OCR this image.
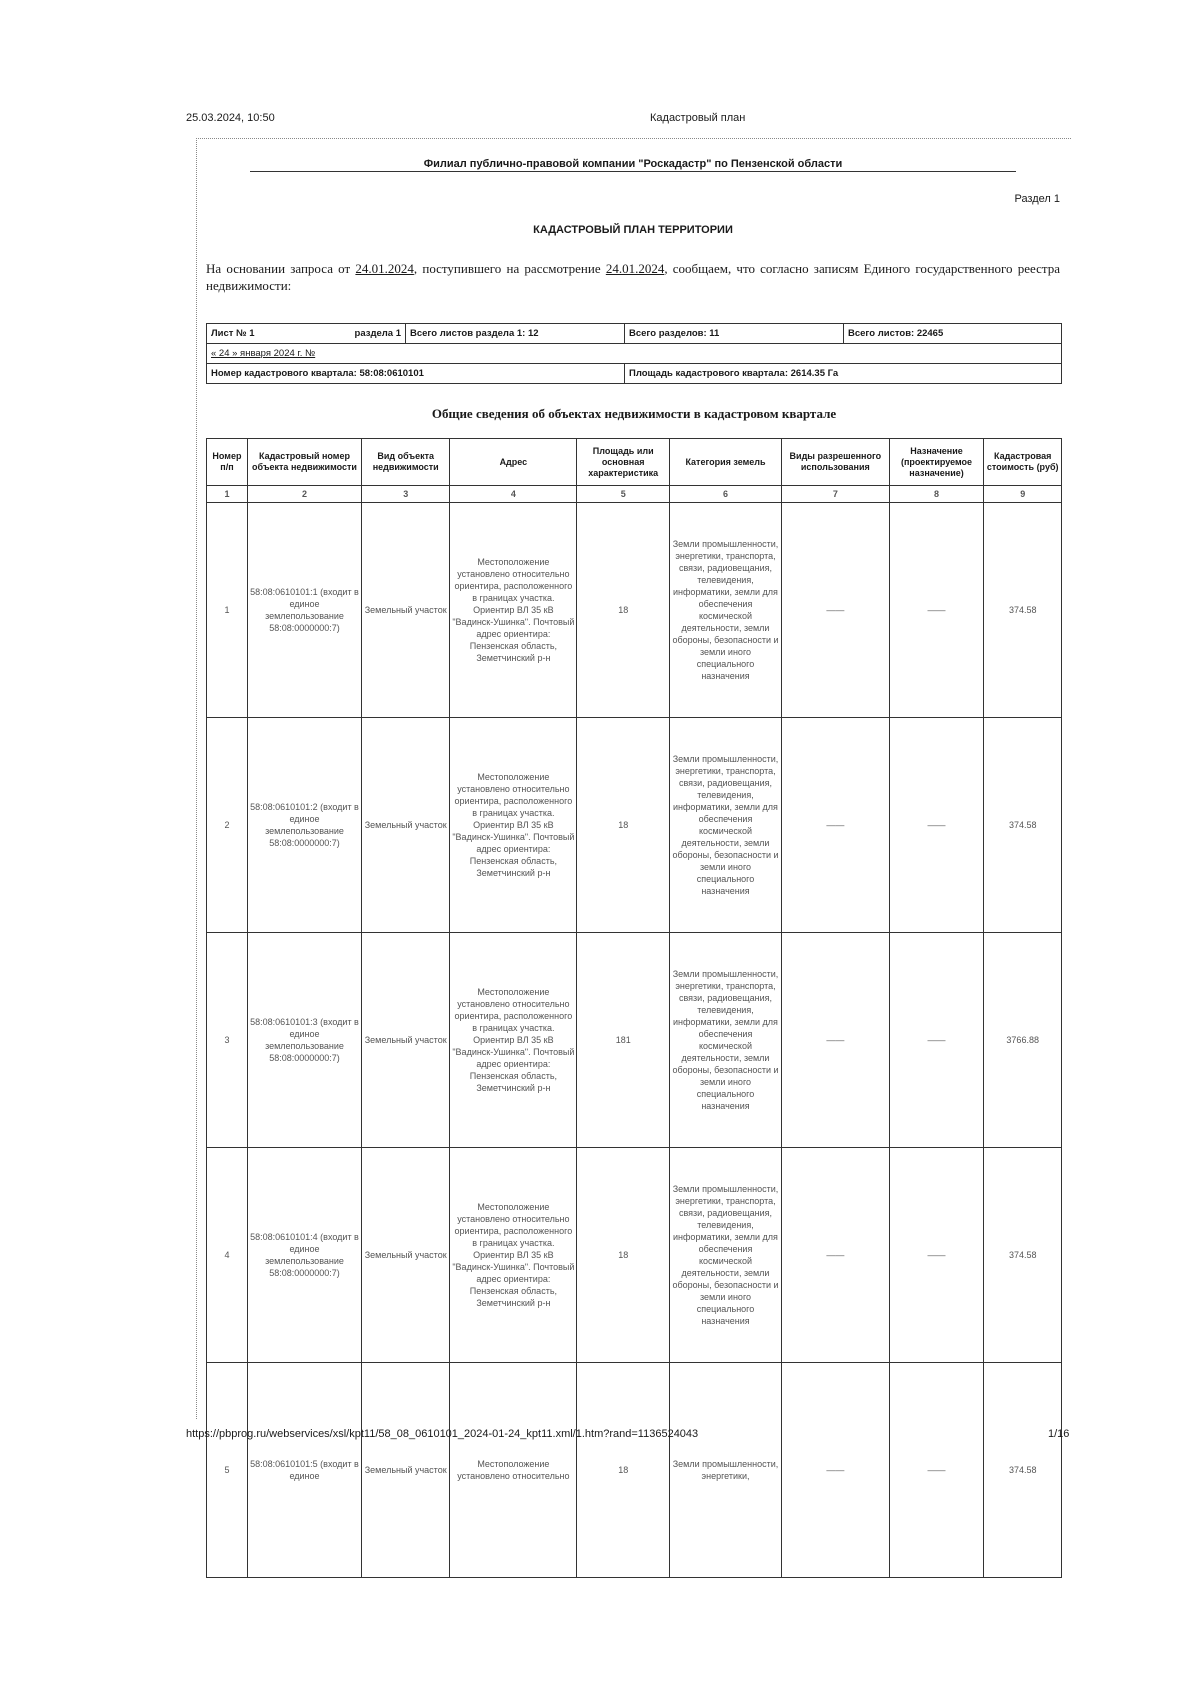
25.03.2024, 10:50	Кадастровый план
Филиал публично-правовой компании "Роскадастр" по Пензенской области
Раздел 1
КАДАСТРОВЫЙ ПЛАН ТЕРРИТОРИИ
На основании запроса от 24.01.2024, поступившего на рассмотрение 24.01.2024, сообщаем, что согласно записям Единого государственного реестра недвижимости:
Лист № 1 раздела 1	Всего листов раздела 1: 12	Всего разделов: 11	Всего листов: 22465
« 24 » января 2024 г. №			
Номер кадастрового квартала: 58:08:0610101		Площадь кадастрового квартала: 2614.35 Га	
Общие сведения об объектах недвижимости в кадастровом квартале
Номер п/п	Кадастровый номер объекта недвижимости	Вид объекта недвижимости	Адрес	Площадь или основная характеристика	Категория земель	Виды разрешенного использования	Назначение (проектируемое назначение)	Кадастровая стоимость (руб)
1	2	3	4	5	6	7	8	9
1	58:08:0610101:1 (входит в единое землепользование 58:08:0000000:7)	Земельный участок	Местоположение установлено относительно ориентира, расположенного в границах участка. Ориентир ВЛ 35 кВ "Вадинск-Ушинка". Почтовый адрес ориентира: Пензенская область, Земетчинский р-н	18	Земли промышленности, энергетики, транспорта, связи, радиовещания, телевидения, информатики, земли для обеспечения космической деятельности, земли обороны, безопасности и земли иного специального назначения	——	——	374.58
2	58:08:0610101:2 (входит в единое землепользование 58:08:0000000:7)	Земельный участок	Местоположение установлено относительно ориентира, расположенного в границах участка. Ориентир ВЛ 35 кВ "Вадинск-Ушинка". Почтовый адрес ориентира: Пензенская область, Земетчинский р-н	18	Земли промышленности, энергетики, транспорта, связи, радиовещания, телевидения, информатики, земли для обеспечения космической деятельности, земли обороны, безопасности и земли иного специального назначения	——	——	374.58
3	58:08:0610101:3 (входит в единое землепользование 58:08:0000000:7)	Земельный участок	Местоположение установлено относительно ориентира, расположенного в границах участка. Ориентир ВЛ 35 кВ "Вадинск-Ушинка". Почтовый адрес ориентира: Пензенская область, Земетчинский р-н	181	Земли промышленности, энергетики, транспорта, связи, радиовещания, телевидения, информатики, земли для обеспечения космической деятельности, земли обороны, безопасности и земли иного специального назначения	——	——	3766.88
4	58:08:0610101:4 (входит в единое землепользование 58:08:0000000:7)	Земельный участок	Местоположение установлено относительно ориентира, расположенного в границах участка. Ориентир ВЛ 35 кВ "Вадинск-Ушинка". Почтовый адрес ориентира: Пензенская область, Земетчинский р-н	18	Земли промышленности, энергетики, транспорта, связи, радиовещания, телевидения, информатики, земли для обеспечения космической деятельности, земли обороны, безопасности и земли иного специального назначения	——	——	374.58
5	58:08:0610101:5 (входит в единое	Земельный участок	Местоположение установлено относительно	18	Земли промышленности, энергетики,	——	——	374.58
https://pbprog.ru/webservices/xsl/kpt11/58_08_0610101_2024-01-24_kpt11.xml/1.htm?rand=1136524043	1/16
